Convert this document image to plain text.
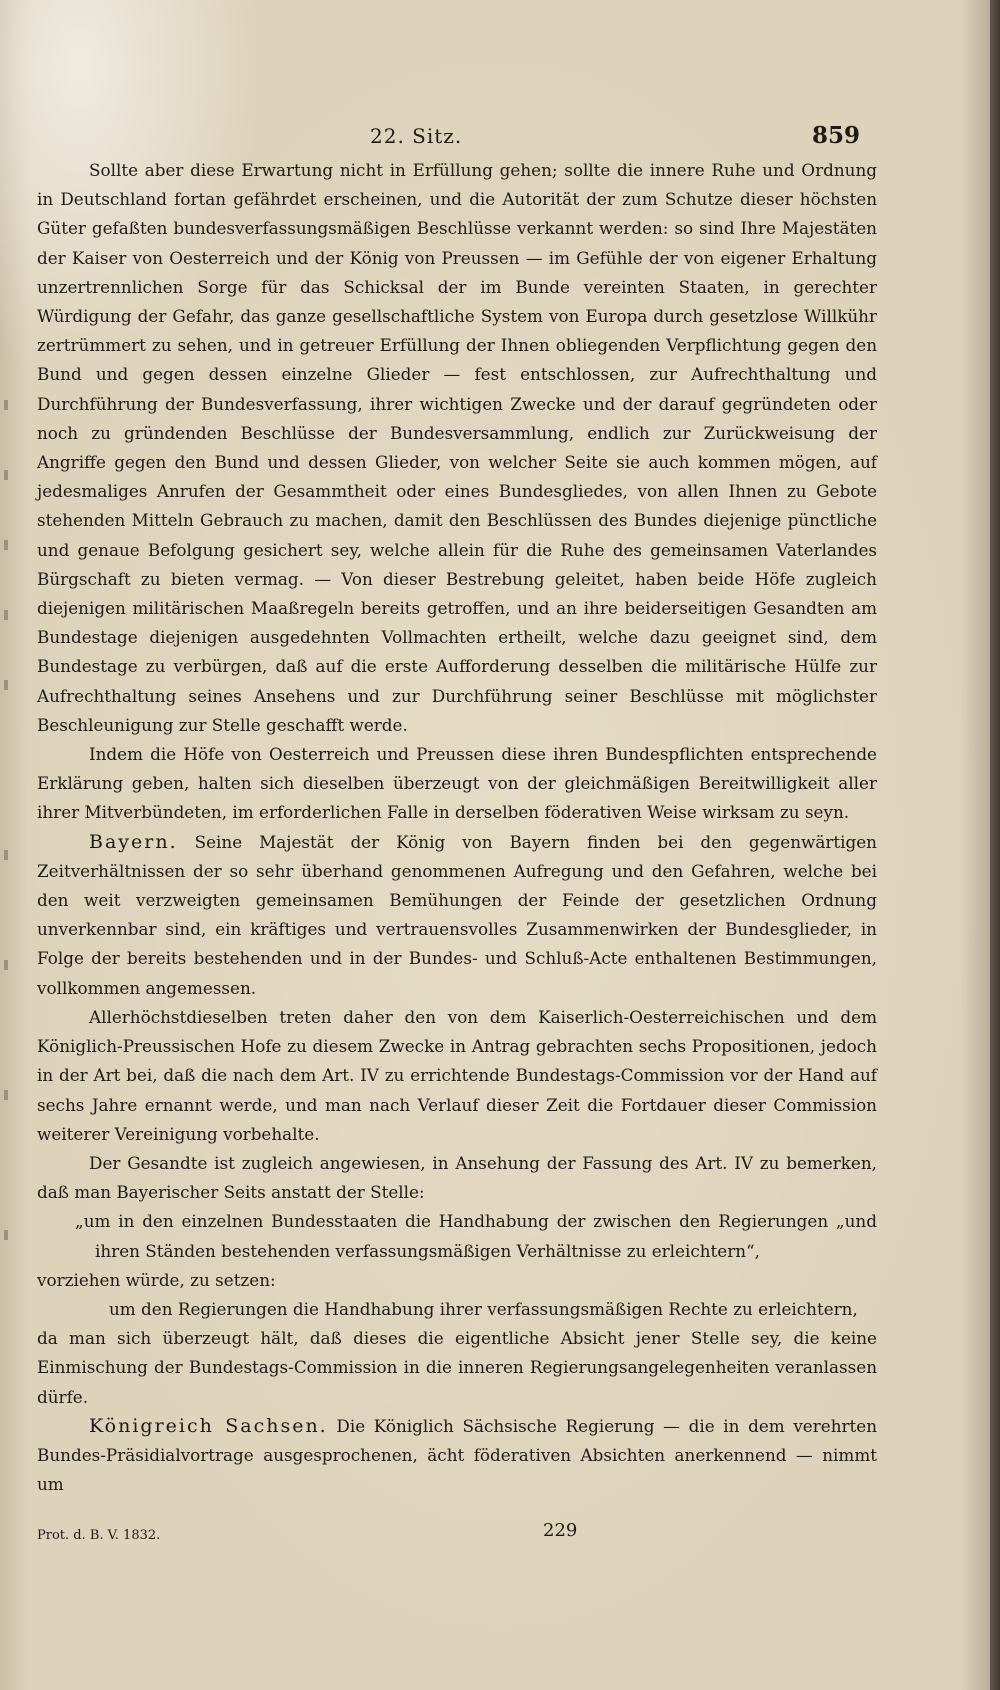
22. Sitz.	859

Sollte aber diese Erwartung nicht in Erfüllung gehen; sollte die innere Ruhe und Ordnung in Deutschland fortan gefährdet erscheinen, und die Autorität der zum Schutze dieser höchsten Güter gefaßten bundesverfassungsmäßigen Beschlüsse verkannt werden: so sind Ihre Majestäten der Kaiser von Oesterreich und der König von Preussen — im Gefühle der von eigener Erhaltung unzertrennlichen Sorge für das Schicksal der im Bunde vereinten Staaten, in gerechter Würdigung der Gefahr, das ganze gesellschaftliche System von Europa durch gesetzlose Willkühr zertrümmert zu sehen, und in getreuer Erfüllung der Ihnen obliegenden Verpflichtung gegen den Bund und gegen dessen einzelne Glieder — fest entschlossen, zur Aufrechthaltung und Durchführung der Bundesverfassung, ihrer wichtigen Zwecke und der darauf gegründeten oder noch zu gründenden Beschlüsse der Bundesversammlung, endlich zur Zurückweisung der Angriffe gegen den Bund und dessen Glieder, von welcher Seite sie auch kommen mögen, auf jedesmaliges Anrufen der Gesammtheit oder eines Bundesgliedes, von allen Ihnen zu Gebote stehenden Mitteln Gebrauch zu machen, damit den Beschlüssen des Bundes diejenige pünctliche und genaue Befolgung gesichert sey, welche allein für die Ruhe des gemeinsamen Vaterlandes Bürgschaft zu bieten vermag. — Von dieser Bestrebung geleitet, haben beide Höfe zugleich diejenigen militärischen Maaßregeln bereits getroffen, und an ihre beiderseitigen Gesandten am Bundestage diejenigen ausgedehnten Vollmachten ertheilt, welche dazu geeignet sind, dem Bundestage zu verbürgen, daß auf die erste Aufforderung desselben die militärische Hülfe zur Aufrechthaltung seines Ansehens und zur Durchführung seiner Beschlüsse mit möglichster Beschleunigung zur Stelle geschafft werde.

Indem die Höfe von Oesterreich und Preussen diese ihren Bundespflichten entsprechende Erklärung geben, halten sich dieselben überzeugt von der gleichmäßigen Bereitwilligkeit aller ihrer Mitverbündeten, im erforderlichen Falle in derselben föderativen Weise wirksam zu seyn.

Bayern. Seine Majestät der König von Bayern finden bei den gegenwärtigen Zeitverhältnissen der so sehr überhand genommenen Aufregung und den Gefahren, welche bei den weit verzweigten gemeinsamen Bemühungen der Feinde der gesetzlichen Ordnung unverkennbar sind, ein kräftiges und vertrauensvolles Zusammenwirken der Bundesglieder, in Folge der bereits bestehenden und in der Bundes- und Schluß-Acte enthaltenen Bestimmungen, vollkommen angemessen.

Allerhöchstdieselben treten daher den von dem Kaiserlich-Oesterreichischen und dem Königlich-Preussischen Hofe zu diesem Zwecke in Antrag gebrachten sechs Propositionen, jedoch in der Art bei, daß die nach dem Art. IV zu errichtende Bundestags-Commission vor der Hand auf sechs Jahre ernannt werde, und man nach Verlauf dieser Zeit die Fortdauer dieser Commission weiterer Vereinigung vorbehalte.

Der Gesandte ist zugleich angewiesen, in Ansehung der Fassung des Art. IV zu bemerken, daß man Bayerischer Seits anstatt der Stelle:

„um in den einzelnen Bundesstaaten die Handhabung der zwischen den Regierungen „und ihren Ständen bestehenden verfassungsmäßigen Verhältnisse zu erleichtern“,

vorziehen würde, zu setzen:

um den Regierungen die Handhabung ihrer verfassungsmäßigen Rechte zu erleichtern,

da man sich überzeugt hält, daß dieses die eigentliche Absicht jener Stelle sey, die keine Einmischung der Bundestags-Commission in die inneren Regierungsangelegenheiten veranlassen dürfe.

Königreich Sachsen. Die Königlich Sächsische Regierung — die in dem verehrten Bundes-Präsidialvortrage ausgesprochenen, ächt föderativen Absichten anerkennend — nimmt um

Prot. d. B. V. 1832.	229
